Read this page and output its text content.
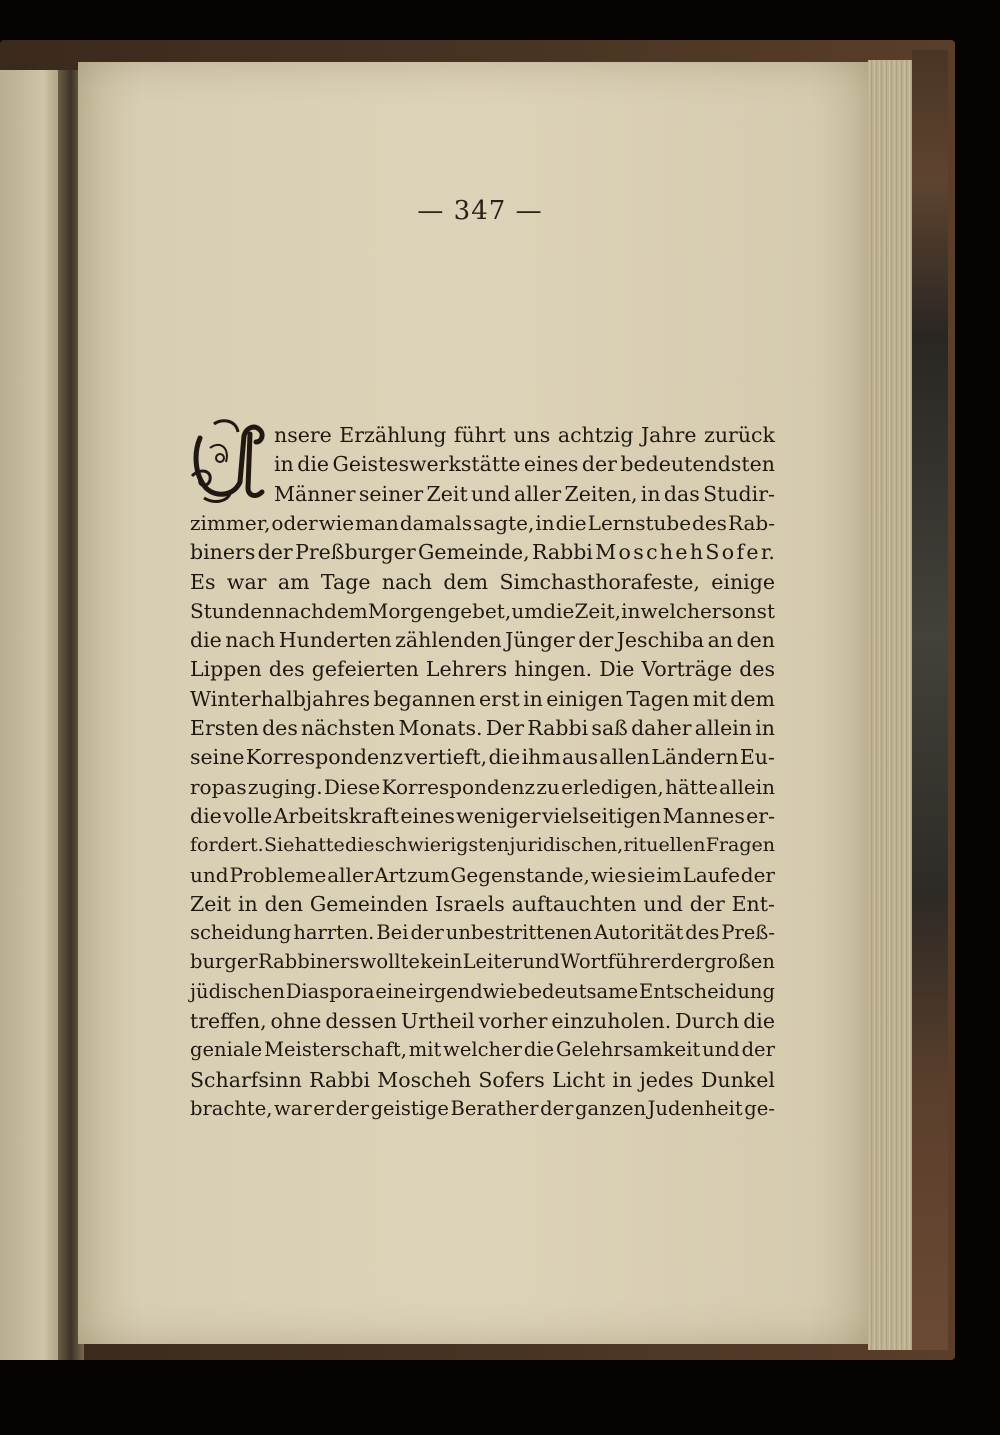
— 347 —
nsere Erzählung führt uns achtzig Jahre zurück
in die Geisteswerkstätte eines der bedeutendsten
Männer seiner Zeit und aller Zeiten, in das Studir-
zimmer, oder wie man damals sagte, in die Lernstube des Rab-
biners der Preßburger Gemeinde, Rabbi M o s c h e h S o f e r.
Es war am Tage nach dem Simchasthorafeste, einige
Stunden nach dem Morgengebet, um die Zeit, in welcher sonst
die nach Hunderten zählenden Jünger der Jeschiba an den
Lippen des gefeierten Lehrers hingen. Die Vorträge des
Winterhalbjahres begannen erst in einigen Tagen mit dem
Ersten des nächsten Monats. Der Rabbi saß daher allein in
seine Korrespondenz vertieft, die ihm aus allen Ländern Eu-
ropas zuging. Diese Korrespondenz zu erledigen, hätte allein
die volle Arbeitskraft eines weniger vielseitigen Mannes er-
fordert. Sie hatte die schwierigsten juridischen, rituellen Fragen
und Probleme aller Art zum Gegenstande, wie sie im Laufe der
Zeit in den Gemeinden Israels auftauchten und der Ent-
scheidung harrten. Bei der unbestrittenen Autorität des Preß-
burger Rabbiners wollte kein Leiter und Wortführer der großen
jüdischen Diaspora eine irgendwie bedeutsame Entscheidung
treffen, ohne dessen Urtheil vorher einzuholen. Durch die
geniale Meisterschaft, mit welcher die Gelehrsamkeit und der
Scharfsinn Rabbi Moscheh Sofers Licht in jedes Dunkel
brachte, war er der geistige Berather der ganzen Judenheit ge-
